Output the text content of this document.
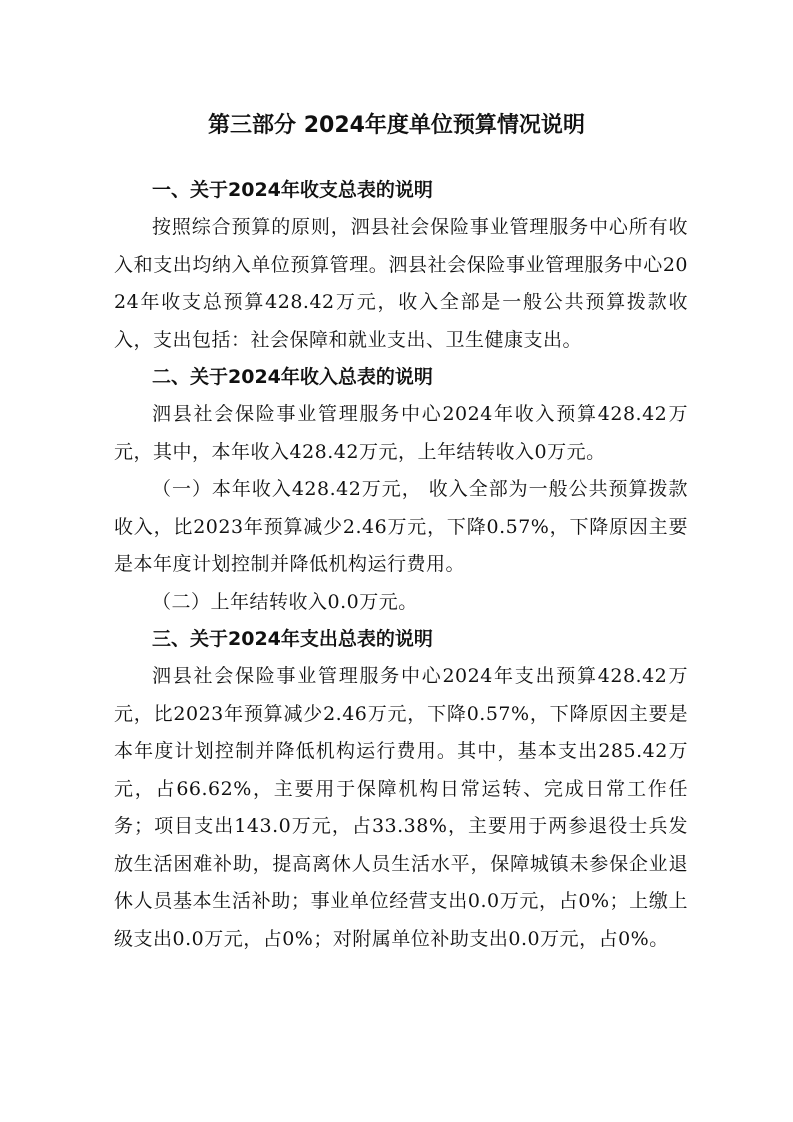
第三部分 2024年度单位预算情况说明
一、关于2024年收支总表的说明

按照综合预算的原则，泗县社会保险事业管理服务中心所有收入和支出均纳入单位预算管理。泗县社会保险事业管理服务中心2024年收支总预算428.42万元，收入全部是一般公共预算拨款收入，支出包括：社会保障和就业支出、卫生健康支出。

二、关于2024年收入总表的说明

泗县社会保险事业管理服务中心2024年收入预算428.42万元，其中，本年收入428.42万元，上年结转收入0万元。

（一）本年收入428.42万元， 收入全部为一般公共预算拨款收入，比2023年预算减少2.46万元，下降0.57%，下降原因主要是本年度计划控制并降低机构运行费用。

（二）上年结转收入0.0万元。

三、关于2024年支出总表的说明

泗县社会保险事业管理服务中心2024年支出预算428.42万元，比2023年预算减少2.46万元，下降0.57%，下降原因主要是本年度计划控制并降低机构运行费用。其中，基本支出285.42万元，占66.62%，主要用于保障机构日常运转、完成日常工作任务；项目支出143.0万元，占33.38%，主要用于两参退役士兵发放生活困难补助，提高离休人员生活水平，保障城镇未参保企业退休人员基本生活补助；事业单位经营支出0.0万元，占0%；上缴上级支出0.0万元，占0%；对附属单位补助支出0.0万元，占0%。
